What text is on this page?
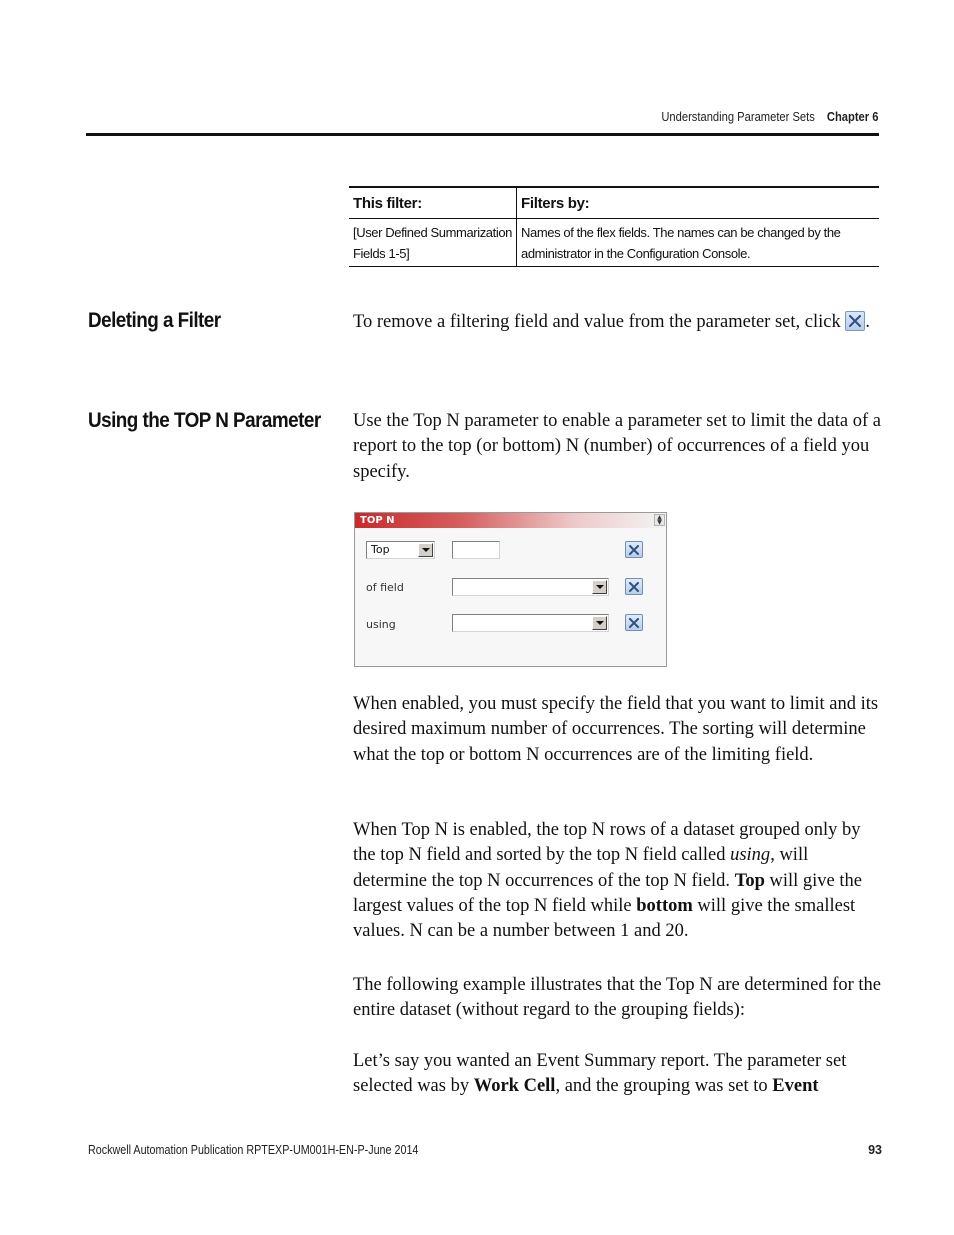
Understanding Parameter Sets Chapter 6
This filter:	Filters by:
[User Defined Summarization Fields 1-5]	Names of the flex fields. The names can be changed by the administrator in the Configuration Console.
Deleting a Filter	To remove a filtering field and value from the parameter set, click .
Using the TOP N Parameter Use the Top N parameter to enable a parameter set to limit the data of a report to the top (or bottom) N (number) of occurrences of a field you specify.
TOP N	▲
▼
Top
of field
using
When enabled, you must specify the field that you want to limit and its desired maximum number of occurrences. The sorting will determine what the top or bottom N occurrences are of the limiting field.
When Top N is enabled, the top N rows of a dataset grouped only by the top N field and sorted by the top N field called using, will determine the top N occurrences of the top N field. Top will give the largest values of the top N field while bottom will give the smallest values. N can be a number between 1 and 20.
The following example illustrates that the Top N are determined for the entire dataset (without regard to the grouping fields):
Let’s say you wanted an Event Summary report. The parameter set selected was by Work Cell, and the grouping was set to Event
Rockwell Automation Publication RPTEXP-UM001H-EN-P-June 2014	93
